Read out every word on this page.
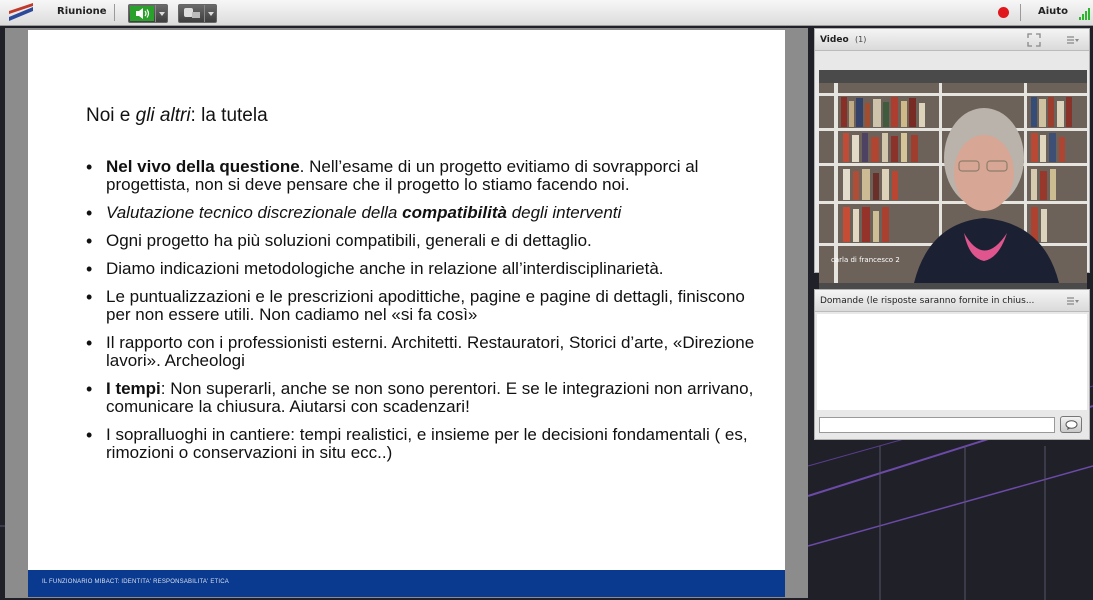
Riunione	Aiuto
Noi e gli altri: la tutela
• Nel vivo della questione. Nell’esame di un progetto evitiamo di sovrapporci al progettista, non si deve pensare che il progetto lo stiamo facendo noi.
• Valutazione tecnico discrezionale della compatibilità degli interventi
• Ogni progetto ha più soluzioni compatibili, generali e di dettaglio.
• Diamo indicazioni metodologiche anche in relazione all’interdisciplinarietà.
• Le puntualizzazioni e le prescrizioni apodittiche, pagine e pagine di dettagli, finiscono per non essere utili. Non cadiamo nel «si fa così»
• Il rapporto con i professionisti esterni. Architetti. Restauratori, Storici d’arte, «Direzione lavori». Archeologi
• I tempi: Non superarli, anche se non sono perentori. E se le integrazioni non arrivano, comunicare la chiusura. Aiutarsi con scadenzari!
• I sopralluoghi in cantiere: tempi realistici, e insieme per le decisioni fondamentali ( es, rimozioni o conservazioni in situ ecc..)
IL FUNZIONARIO MIBACT: IDENTITA' RESPONSABILITA' ETICA
Video (1)
carla di francesco 2
Domande (le risposte saranno fornite in chius...
